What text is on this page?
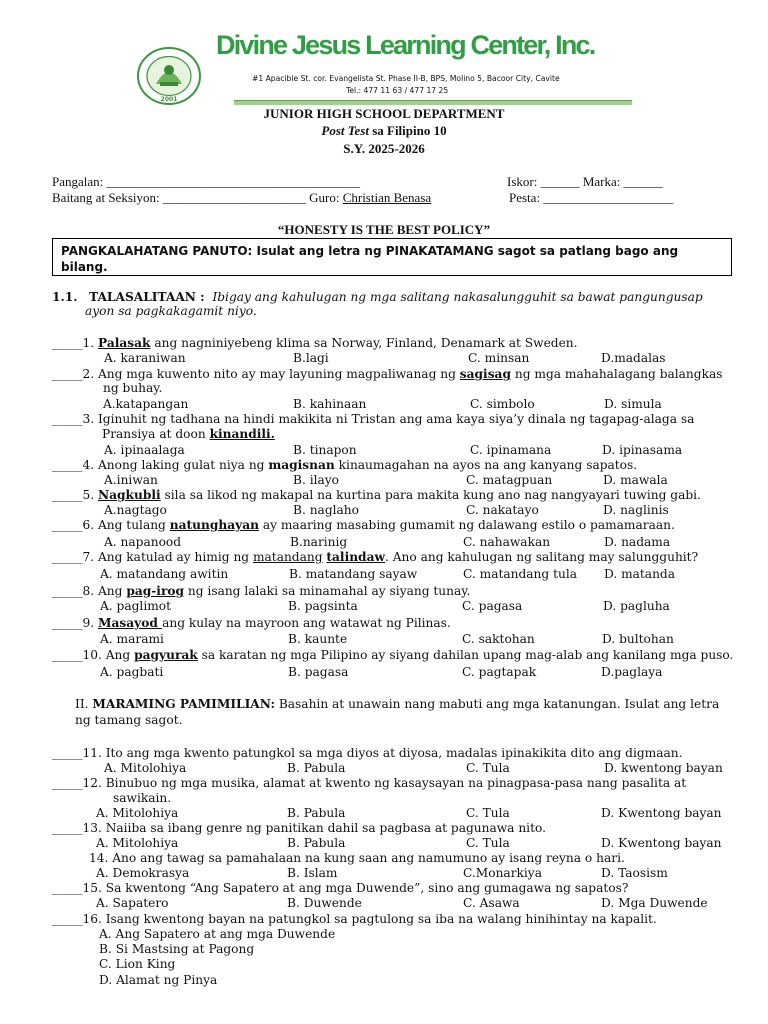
2001
Divine Jesus Learning Center, Inc.
#1 Apacible St. cor. Evangelista St. Phase II-B, BPS, Molino 5, Bacoor City, Cavite
Tel.: 477 11 63 / 477 17 25
JUNIOR HIGH SCHOOL DEPARTMENT
Post Test sa Filipino 10
S.Y. 2025-2026
Pangalan: _______________________________________	Iskor: ______ Marka: ______
Baitang at Seksiyon: ______________________ Guro: Christian Benasa	Pesta: ____________________
“HONESTY IS THE BEST POLICY”
PANGKALAHATANG PANUTO: Isulat ang letra ng PINAKATAMANG sagot sa patlang bago ang bilang.
1.1. TALASALITAAN : Ibigay ang kahulugan ng mga salitang nakasalungguhit sa bawat pangungusap
ayon sa pagkakagamit niyo.
_____1. Palasak ang nagniniyebeng klima sa Norway, Finland, Denamark at Sweden.
A. karaniwan	B.lagi	C. minsan	D.madalas
_____2. Ang mga kuwento nito ay may layuning magpaliwanag ng sagisag ng mga mahahalagang balangkas
ng buhay.
A.katapangan	B. kahinaan	C. simbolo	D. simula
_____3. Iginuhit ng tadhana na hindi makikita ni Tristan ang ama kaya siya’y dinala ng tagapag-alaga sa
Pransiya at doon kinandili.
A. ipinaalaga	B. tinapon	C. ipinamana	D. ipinasama
_____4. Anong laking gulat niya ng magisnan kinaumagahan na ayos na ang kanyang sapatos.
A.iniwan	B. ilayo	C. matagpuan	D. mawala
_____5. Nagkubli sila sa likod ng makapal na kurtina para makita kung ano nag nangyayari tuwing gabi.
A.nagtago	B. naglaho	C. nakatayo	D. naglinis
_____6. Ang tulang natunghayan ay maaring masabing gumamit ng dalawang estilo o pamamaraan.
A. napanood	B.narinig	C. nahawakan	D. nadama
_____7. Ang katulad ay himig ng matandang talindaw. Ano ang kahulugan ng salitang may salungguhit?
A. matandang awitin	B. matandang sayaw	C. matandang tula D. matanda
_____8. Ang pag-irog ng isang lalaki sa minamahal ay siyang tunay.
A. paglimot	B. pagsinta	C. pagasa	D. pagluha
_____9. Masayod ang kulay na mayroon ang watawat ng Pilinas.
A. marami	B. kaunte	C. saktohan	D. bultohan
_____10. Ang pagyurak sa karatan ng mga Pilipino ay siyang dahilan upang mag-alab ang kanilang mga puso.
A. pagbati	B. pagasa	C. pagtapak	D.paglaya
II. MARAMING PAMIMILIAN: Basahin at unawain nang mabuti ang mga katanungan. Isulat ang letra
ng tamang sagot.
_____11. Ito ang mga kwento patungkol sa mga diyos at diyosa, madalas ipinakikita dito ang digmaan.
A. Mitolohiya	B. Pabula	C. Tula	D. kwentong bayan
_____12. Binubuo ng mga musika, alamat at kwento ng kasaysayan na pinagpasa-pasa nang pasalita at
sawikain.
A. Mitolohiya	B. Pabula	C. Tula	D. Kwentong bayan
_____13. Naiiba sa ibang genre ng panitikan dahil sa pagbasa at pagunawa nito.
A. Mitolohiya	B. Pabula	C. Tula	D. Kwentong bayan
14. Ano ang tawag sa pamahalaan na kung saan ang namumuno ay isang reyna o hari.
A. Demokrasya	B. Islam	C.Monarkiya	D. Taosism
_____15. Sa kwentong “Ang Sapatero at ang mga Duwende”, sino ang gumagawa ng sapatos?
A. Sapatero	B. Duwende	C. Asawa	D. Mga Duwende
_____16. Isang kwentong bayan na patungkol sa pagtulong sa iba na walang hinihintay na kapalit.
A. Ang Sapatero at ang mga Duwende
B. Si Mastsing at Pagong
C. Lion King
D. Alamat ng Pinya
